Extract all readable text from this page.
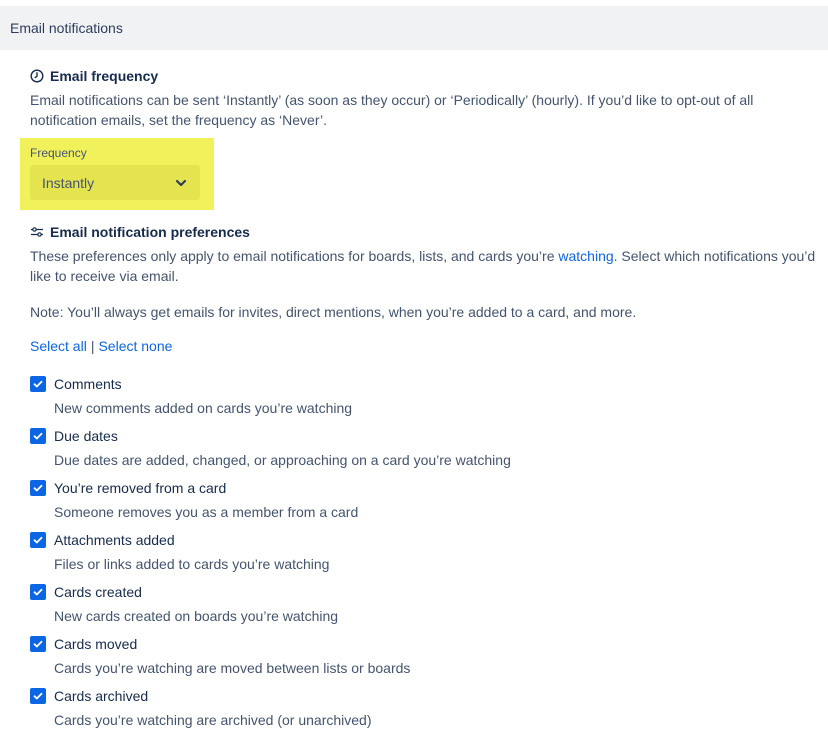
Email notifications
Email frequency
Email notifications can be sent ‘Instantly’ (as soon as they occur) or ‘Periodically’ (hourly). If you’d like to opt-out of all notification emails, set the frequency as ‘Never’.
Frequency
Instantly
Email notification preferences
These preferences only apply to email notifications for boards, lists, and cards you’re watching. Select which notifications you’d like to receive via email.
Note: You’ll always get emails for invites, direct mentions, when you’re added to a card, and more.
Select all | Select none
Comments
New comments added on cards you’re watching
Due dates
Due dates are added, changed, or approaching on a card you’re watching
You’re removed from a card
Someone removes you as a member from a card
Attachments added
Files or links added to cards you’re watching
Cards created
New cards created on boards you’re watching
Cards moved
Cards you’re watching are moved between lists or boards
Cards archived
Cards you’re watching are archived (or unarchived)
